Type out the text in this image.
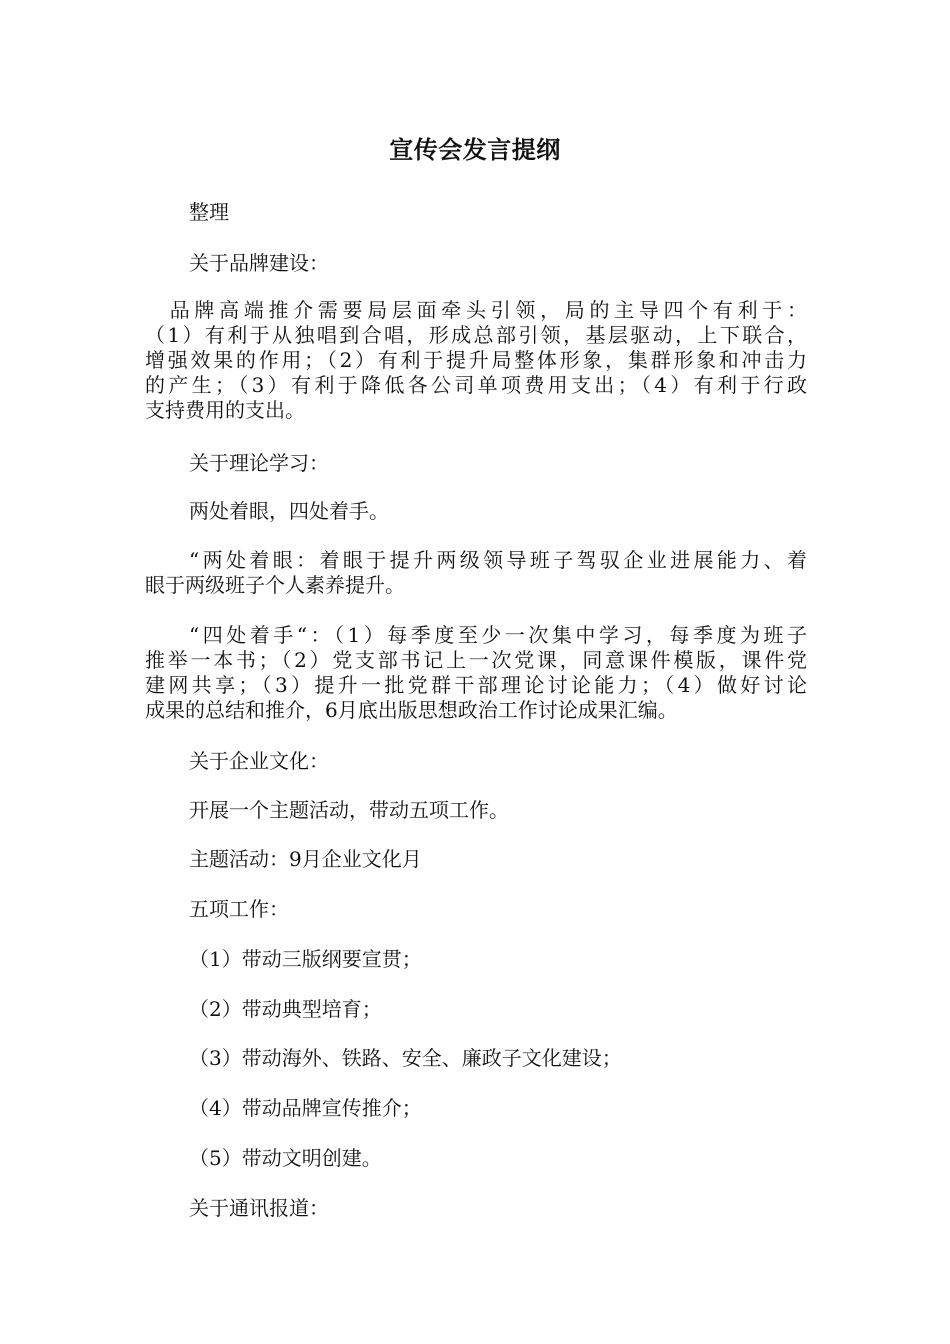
宣传会发言提纲

整理

关于品牌建设：

　品牌高端推介需要局层面牵头引领，局的主导四个有利于：
（1）有利于从独唱到合唱，形成总部引领，基层驱动，上下联合，
增强效果的作用；（2）有利于提升局整体形象，集群形象和冲击力
的产生；（3）有利于降低各公司单项费用支出；（4）有利于行政
支持费用的支出。

关于理论学习：

两处着眼，四处着手。

“两处着眼：着眼于提升两级领导班子驾驭企业进展能力、着
眼于两级班子个人素养提升。
“四处着手“：（1）每季度至少一次集中学习，每季度为班子
推举一本书；（2）党支部书记上一次党课，同意课件模版，课件党
建网共享；（3）提升一批党群干部理论讨论能力；（4）做好讨论
成果的总结和推介，6月底出版思想政治工作讨论成果汇编。

关于企业文化：

开展一个主题活动，带动五项工作。

主题活动：9月企业文化月

五项工作：

（1）带动三版纲要宣贯；

（2）带动典型培育；

（3）带动海外、铁路、安全、廉政子文化建设；

（4）带动品牌宣传推介；

（5）带动文明创建。

关于通讯报道：
